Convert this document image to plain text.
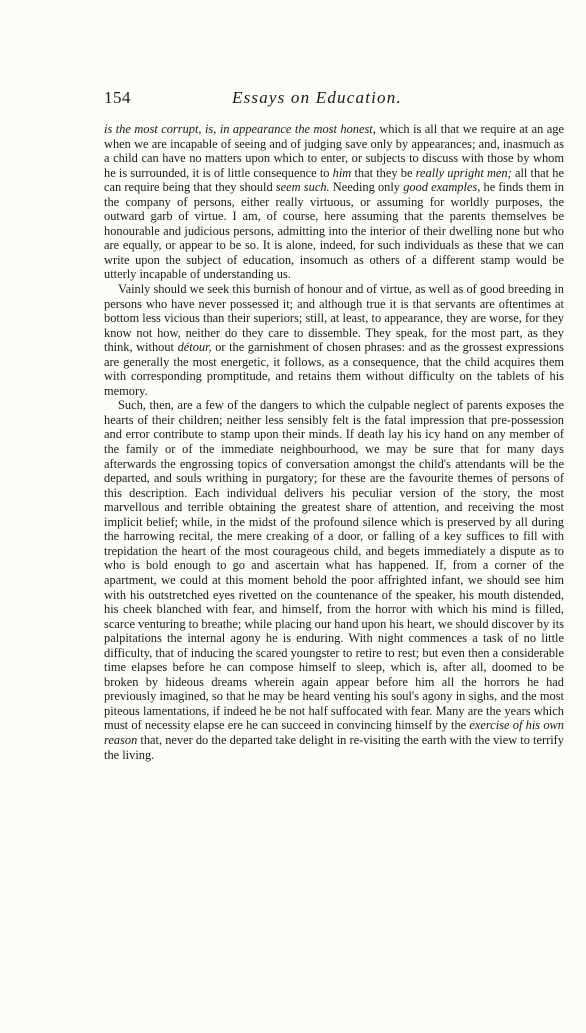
154	Essays on Education.

is the most corrupt, is, in appearance the most honest, which is all that we require at an age when we are incapable of seeing and of judging save only by appearances; and, inasmuch as a child can have no matters upon which to enter, or subjects to discuss with those by whom he is surrounded, it is of little consequence to him that they be really upright men; all that he can require being that they should seem such. Needing only good examples, he finds them in the company of persons, either really virtuous, or assuming for worldly purposes, the outward garb of virtue. I am, of course, here assuming that the parents themselves be honourable and judicious persons, admitting into the interior of their dwelling none but who are equally, or appear to be so. It is alone, indeed, for such individuals as these that we can write upon the subject of education, insomuch as others of a different stamp would be utterly incapable of understanding us.

Vainly should we seek this burnish of honour and of virtue, as well as of good breeding in persons who have never possessed it; and although true it is that servants are oftentimes at bottom less vicious than their superiors; still, at least, to appearance, they are worse, for they know not how, neither do they care to dissemble. They speak, for the most part, as they think, without détour, or the garnishment of chosen phrases: and as the grossest expressions are generally the most energetic, it follows, as a consequence, that the child acquires them with corresponding promptitude, and retains them without difficulty on the tablets of his memory.

Such, then, are a few of the dangers to which the culpable neglect of parents exposes the hearts of their children; neither less sensibly felt is the fatal impression that pre-possession and error contribute to stamp upon their minds. If death lay his icy hand on any member of the family or of the immediate neighbourhood, we may be sure that for many days afterwards the engrossing topics of conversation amongst the child's attendants will be the departed, and souls writhing in purgatory; for these are the favourite themes of persons of this description. Each individual delivers his peculiar version of the story, the most marvellous and terrible obtaining the greatest share of attention, and receiving the most implicit belief; while, in the midst of the profound silence which is preserved by all during the harrowing recital, the mere creaking of a door, or falling of a key suffices to fill with trepidation the heart of the most courageous child, and begets immediately a dispute as to who is bold enough to go and ascertain what has happened. If, from a corner of the apartment, we could at this moment behold the poor affrighted infant, we should see him with his outstretched eyes rivetted on the countenance of the speaker, his mouth distended, his cheek blanched with fear, and himself, from the horror with which his mind is filled, scarce venturing to breathe; while placing our hand upon his heart, we should discover by its palpitations the internal agony he is enduring. With night commences a task of no little difficulty, that of inducing the scared youngster to retire to rest; but even then a considerable time elapses before he can compose himself to sleep, which is, after all, doomed to be broken by hideous dreams wherein again appear before him all the horrors he had previously imagined, so that he may be heard venting his soul's agony in sighs, and the most piteous lamentations, if indeed he be not half suffocated with fear. Many are the years which must of necessity elapse ere he can succeed in convincing himself by the exercise of his own reason that, never do the departed take delight in re-visiting the earth with the view to terrify the living.
